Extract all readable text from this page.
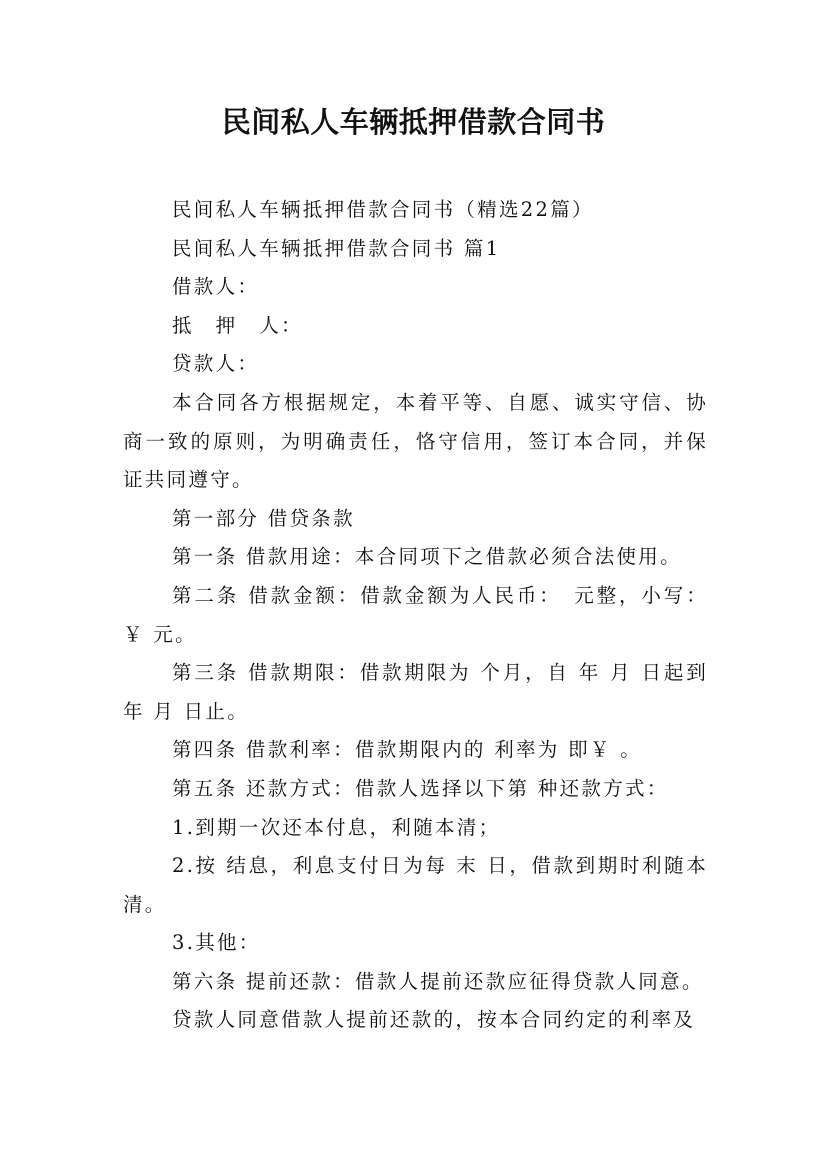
民间私人车辆抵押借款合同书

民间私人车辆抵押借款合同书（精选22篇）

民间私人车辆抵押借款合同书 篇1

借款人：

抵　押　人：

贷款人：

本合同各方根据规定，本着平等、自愿、诚实守信、协商一致的原则，为明确责任，恪守信用，签订本合同，并保证共同遵守。

第一部分 借贷条款

第一条 借款用途：本合同项下之借款必须合法使用。

第二条 借款金额：借款金额为人民币：　元整，小写：￥ 元。

第三条 借款期限：借款期限为 个月，自 年 月 日起到 年 月 日止。

第四条 借款利率：借款期限内的 利率为 即￥ 。

第五条 还款方式：借款人选择以下第 种还款方式：

1.到期一次还本付息，利随本清；

2.按 结息，利息支付日为每 末 日，借款到期时利随本清。

3.其他：

第六条 提前还款：借款人提前还款应征得贷款人同意。

贷款人同意借款人提前还款的，按本合同约定的利率及
